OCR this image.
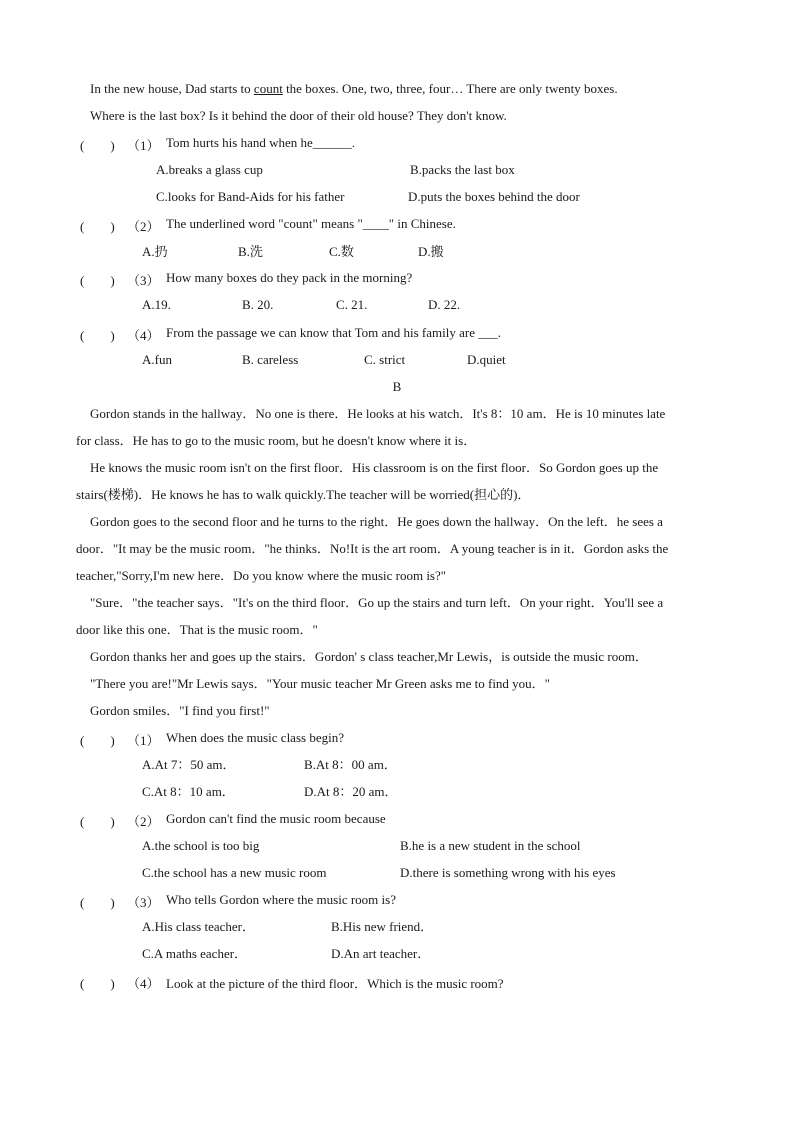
In the new house, Dad starts to count the boxes. One, two, three, four… There are only twenty boxes.
Where is the last box? Is it behind the door of their old house? They don't know.
(　　) （1） Tom hurts his hand when he______.
A.breaks a glass cup	B.packs the last box
C.looks for Band-Aids for his father	D.puts the boxes behind the door
(　　) （2） The underlined word "count" means "____" in Chinese.
A.扔	B.洗	C.数	D.搬
(　　) （3） How many boxes do they pack in the morning?
A.19.	B. 20.	C. 21.	D. 22.
(　　) （4） From the passage we can know that Tom and his family are ___.
A.fun	B. careless	C. strict	D.quiet
B
Gordon stands in the hallway．No one is there．He looks at his watch．It's 8：10 am．He is 10 minutes late
for class．He has to go to the music room, but he doesn't know where it is．
He knows the music room isn't on the first floor．His classroom is on the first floor．So Gordon goes up the
stairs(楼梯)．He knows he has to walk quickly.The teacher will be worried(担心的)．
Gordon goes to the second floor and he turns to the right．He goes down the hallway．On the left．he sees a
door．"It may be the music room．"he thinks．No!It is the art room．A young teacher is in it．Gordon asks the
teacher,"Sorry,I'm new here．Do you know where the music room is?"
"Sure．"the teacher says．"It's on the third floor．Go up the stairs and turn left．On your right．You'll see a
door like this one．That is the music room．"
Gordon thanks her and goes up the stairs．Gordon' s class teacher,Mr Lewis，is outside the music room．
"There you are!"Mr Lewis says．"Your music teacher Mr Green asks me to find you．"
Gordon smiles．"I find you first!"
(　　) （1） When does the music class begin?
A.At 7：50 am．	B.At 8：00 am．
C.At 8：10 am．	D.At 8：20 am．
(　　) （2） Gordon can't find the music room because
A.the school is too big	B.he is a new student in the school
C.the school has a new music room	D.there is something wrong with his eyes
(　　) （3） Who tells Gordon where the music room is?
A.His class teacher．	B.His new friend．
C.A maths eacher．	D.An art teacher．
(　　) （4） Look at the picture of the third floor．Which is the music room?
